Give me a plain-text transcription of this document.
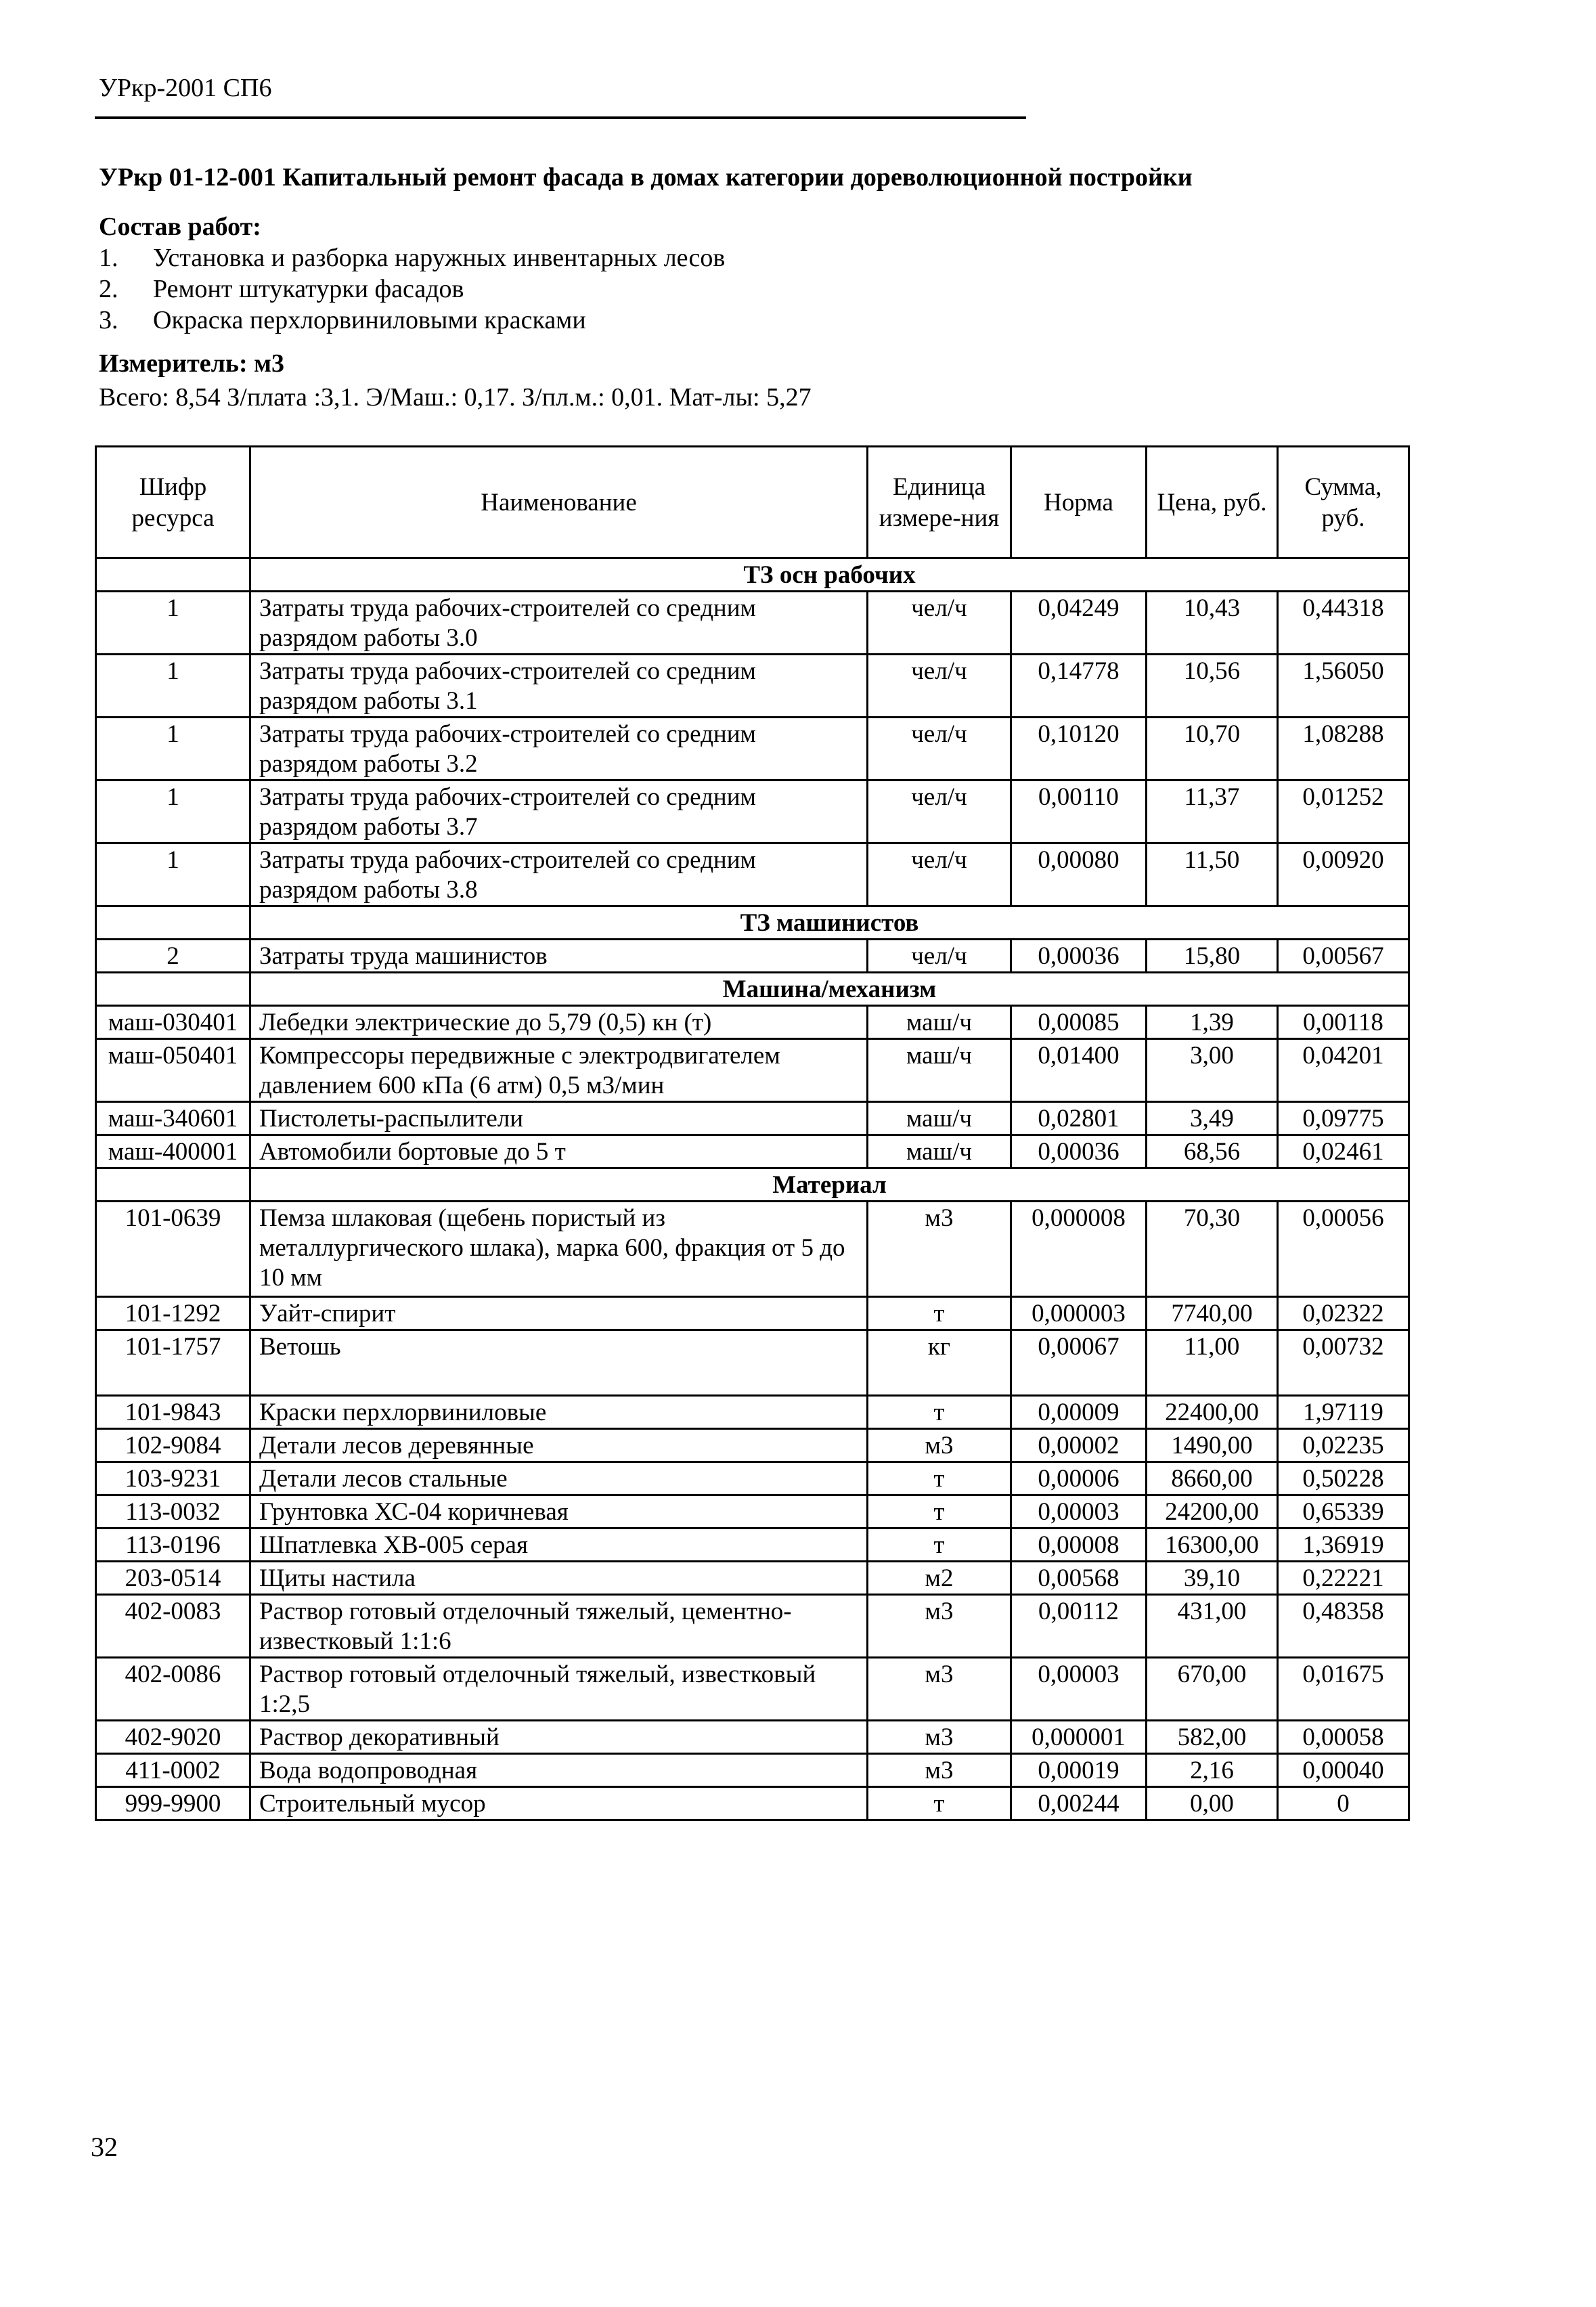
УРкр-2001 СП6
УРкр 01-12-001 Капитальный ремонт фасада в домах категории дореволюционной постройки
Состав работ:
1. Установка и разборка наружных инвентарных лесов
2. Ремонт штукатурки фасадов
3. Окраска перхлорвиниловыми красками
Измеритель: м3
Всего: 8,54 З/плата :3,1. Э/Маш.: 0,17. З/пл.м.: 0,01. Мат-лы: 5,27
Шифр ресурса	Наименование	Единица измере-ния	Норма	Цена, руб.	Сумма, руб.
	ТЗ осн рабочих				
1	Затраты труда рабочих-строителей со средним разрядом работы 3.0	чел/ч	0,04249	10,43	0,44318
1	Затраты труда рабочих-строителей со средним разрядом работы 3.1	чел/ч	0,14778	10,56	1,56050
1	Затраты труда рабочих-строителей со средним разрядом работы 3.2	чел/ч	0,10120	10,70	1,08288
1	Затраты труда рабочих-строителей со средним разрядом работы 3.7	чел/ч	0,00110	11,37	0,01252
1	Затраты труда рабочих-строителей со средним разрядом работы 3.8	чел/ч	0,00080	11,50	0,00920
	ТЗ машинистов				
2	Затраты труда машинистов	чел/ч	0,00036	15,80	0,00567
	Машина/механизм				
маш-030401	Лебедки электрические до 5,79 (0,5) кн (т)	маш/ч	0,00085	1,39	0,00118
маш-050401	Компрессоры передвижные с электродвигателем давлением 600 кПа (6 атм) 0,5 м3/мин	маш/ч	0,01400	3,00	0,04201
маш-340601	Пистолеты-распылители	маш/ч	0,02801	3,49	0,09775
маш-400001	Автомобили бортовые до 5 т	маш/ч	0,00036	68,56	0,02461
	Материал				
101-0639	Пемза шлаковая (щебень пористый из металлургического шлака), марка 600, фракция от 5 до 10 мм	м3	0,000008	70,30	0,00056
101-1292	Уайт-спирит	т	0,000003	7740,00	0,02322
101-1757	Ветошь	кг	0,00067	11,00	0,00732
101-9843	Краски перхлорвиниловые	т	0,00009	22400,00	1,97119
102-9084	Детали лесов деревянные	м3	0,00002	1490,00	0,02235
103-9231	Детали лесов стальные	т	0,00006	8660,00	0,50228
113-0032	Грунтовка ХС-04 коричневая	т	0,00003	24200,00	0,65339
113-0196	Шпатлевка ХВ-005 серая	т	0,00008	16300,00	1,36919
203-0514	Щиты настила	м2	0,00568	39,10	0,22221
402-0083	Раствор готовый отделочный тяжелый, цементно-известковый 1:1:6	м3	0,00112	431,00	0,48358
402-0086	Раствор готовый отделочный тяжелый, известковый 1:2,5	м3	0,00003	670,00	0,01675
402-9020	Раствор декоративный	м3	0,000001	582,00	0,00058
411-0002	Вода водопроводная	м3	0,00019	2,16	0,00040
999-9900	Строительный мусор	т	0,00244	0,00	0
32
